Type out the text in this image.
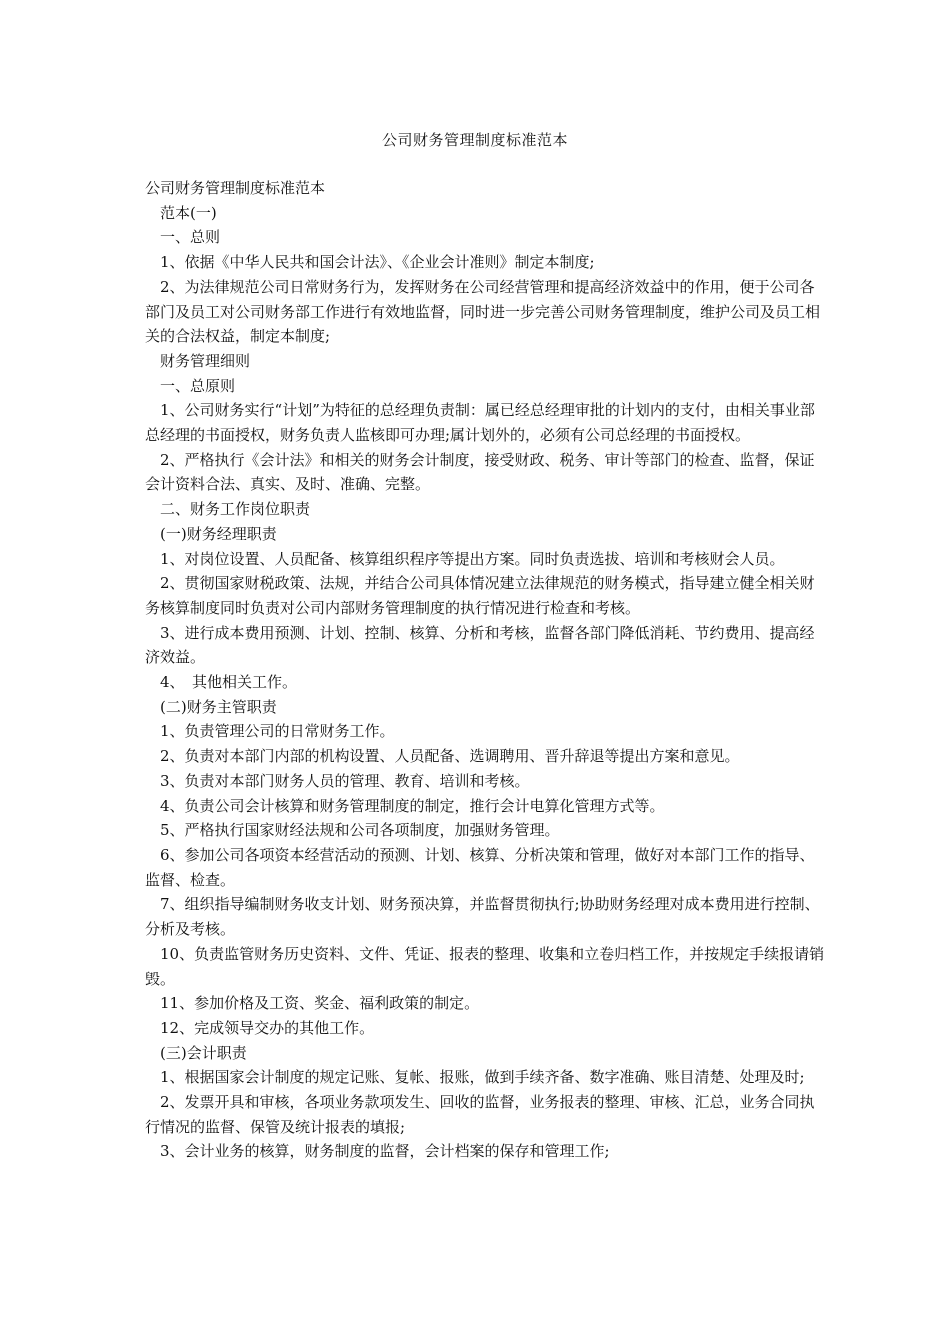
公司财务管理制度标准范本

公司财务管理制度标准范本

范本(一)

一、总则

1、依据《中华人民共和国会计法》、《企业会计准则》制定本制度;

2、为法律规范公司日常财务行为，发挥财务在公司经营管理和提高经济效益中的作用，便于公司各部门及员工对公司财务部工作进行有效地监督，同时进一步完善公司财务管理制度，维护公司及员工相关的合法权益，制定本制度;

财务管理细则

一、总原则

1、公司财务实行“计划”为特征的总经理负责制：属已经总经理审批的计划内的支付，由相关事业部总经理的书面授权，财务负责人监核即可办理;属计划外的，必须有公司总经理的书面授权。

2、严格执行《会计法》和相关的财务会计制度，接受财政、税务、审计等部门的检查、监督，保证会计资料合法、真实、及时、准确、完整。

二、财务工作岗位职责

(一)财务经理职责

1、对岗位设置、人员配备、核算组织程序等提出方案。同时负责选拔、培训和考核财会人员。

2、贯彻国家财税政策、法规，并结合公司具体情况建立法律规范的财务模式，指导建立健全相关财务核算制度同时负责对公司内部财务管理制度的执行情况进行检查和考核。

3、进行成本费用预测、计划、控制、核算、分析和考核，监督各部门降低消耗、节约费用、提高经济效益。

4、　其他相关工作。

(二)财务主管职责

1、负责管理公司的日常财务工作。

2、负责对本部门内部的机构设置、人员配备、选调聘用、晋升辞退等提出方案和意见。

3、负责对本部门财务人员的管理、教育、培训和考核。

4、负责公司会计核算和财务管理制度的制定，推行会计电算化管理方式等。

5、严格执行国家财经法规和公司各项制度，加强财务管理。

6、参加公司各项资本经营活动的预测、计划、核算、分析决策和管理，做好对本部门工作的指导、监督、检查。

7、组织指导编制财务收支计划、财务预决算，并监督贯彻执行;协助财务经理对成本费用进行控制、分析及考核。

10、负责监管财务历史资料、文件、凭证、报表的整理、收集和立卷归档工作，并按规定手续报请销毁。

11、参加价格及工资、奖金、福利政策的制定。

12、完成领导交办的其他工作。

(三)会计职责

1、根据国家会计制度的规定记账、复帐、报账，做到手续齐备、数字准确、账目清楚、处理及时;

2、发票开具和审核，各项业务款项发生、回收的监督，业务报表的整理、审核、汇总，业务合同执行情况的监督、保管及统计报表的填报;

3、会计业务的核算，财务制度的监督，会计档案的保存和管理工作;
